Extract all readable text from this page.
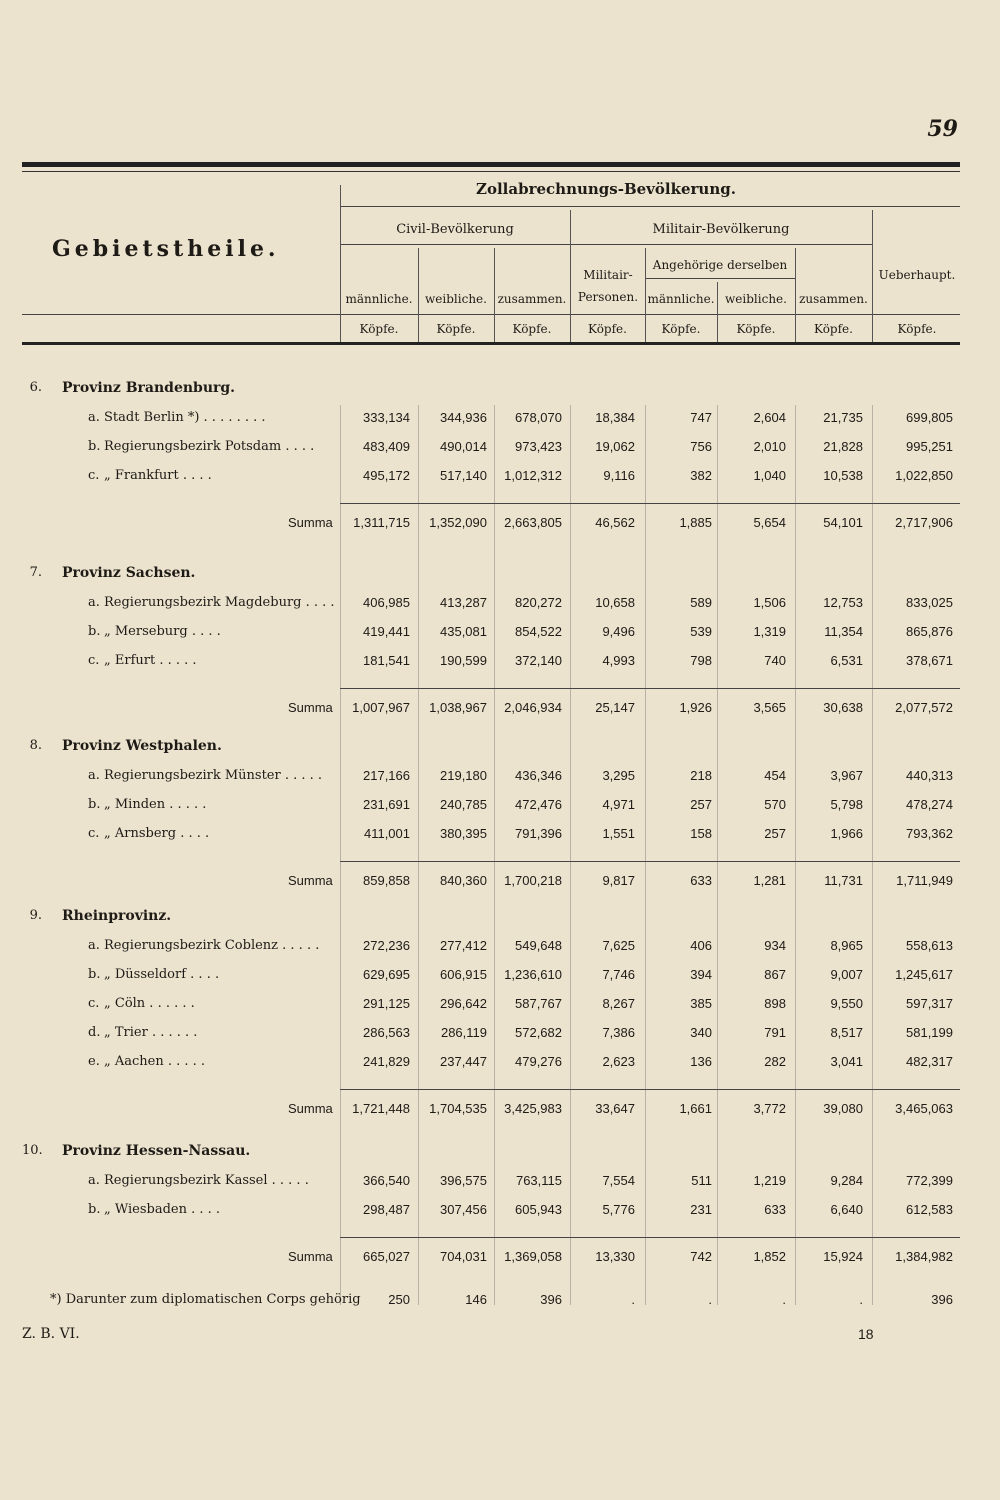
59
Zollabrechnungs-Bevölkerung.
Gebietstheile.
Civil-Bevölkerung	Militair-Bevölkerung
Angehörige derselben
Militair-
Personen.
Ueberhaupt.
männliche.	weibliche. zusammen.	männliche. weibliche.	zusammen.
Köpfe.	Köpfe.	Köpfe.	Köpfe.	Köpfe.	Köpfe.	Köpfe.	Köpfe.
6. Provinz Brandenburg.
a. Stadt Berlin *) . . . . . . . .	333,134	344,936	678,070	18,384	747	2,604	21,735	699,805
b. Regierungsbezirk Potsdam . . . .	483,409	490,014	973,423	19,062	756	2,010	21,828	995,251
c. „ Frankfurt . . . .	495,172	517,140	1,012,312	9,116	382	1,040	10,538	1,022,850
Summa	1,311,715	1,352,090	2,663,805	46,562	1,885	5,654	54,101	2,717,906
7. Provinz Sachsen.
a. Regierungsbezirk Magdeburg . . . .	406,985	413,287	820,272	10,658	589	1,506	12,753	833,025
b. „ Merseburg . . . .	419,441	435,081	854,522	9,496	539	1,319	11,354	865,876
c. „ Erfurt . . . . .	181,541	190,599	372,140	4,993	798	740	6,531	378,671
Summa	1,007,967	1,038,967	2,046,934	25,147	1,926	3,565	30,638	2,077,572
8. Provinz Westphalen.
a. Regierungsbezirk Münster . . . . .	217,166	219,180	436,346	3,295	218	454	3,967	440,313
b. „ Minden . . . . .	231,691	240,785	472,476	4,971	257	570	5,798	478,274
c. „ Arnsberg . . . .	411,001	380,395	791,396	1,551	158	257	1,966	793,362
Summa	859,858	840,360	1,700,218	9,817	633	1,281	11,731	1,711,949
9. Rheinprovinz.
a. Regierungsbezirk Coblenz . . . . .	272,236	277,412	549,648	7,625	406	934	8,965	558,613
b. „ Düsseldorf . . . .	629,695	606,915	1,236,610	7,746	394	867	9,007	1,245,617
c. „ Cöln . . . . . .	291,125	296,642	587,767	8,267	385	898	9,550	597,317
d. „ Trier . . . . . .	286,563	286,119	572,682	7,386	340	791	8,517	581,199
e. „ Aachen . . . . .	241,829	237,447	479,276	2,623	136	282	3,041	482,317
Summa	1,721,448	1,704,535	3,425,983	33,647	1,661	3,772	39,080	3,465,063
10. Provinz Hessen-Nassau.
a. Regierungsbezirk Kassel . . . . .	366,540	396,575	763,115	7,554	511	1,219	9,284	772,399
b. „ Wiesbaden . . . .	298,487	307,456	605,943	5,776	231	633	6,640	612,583
Summa	665,027	704,031	1,369,058	13,330	742	1,852	15,924	1,384,982
*) Darunter zum diplomatischen Corps gehörig	250	146	396	.	.	.	.	396
Z. B. VI.	18
